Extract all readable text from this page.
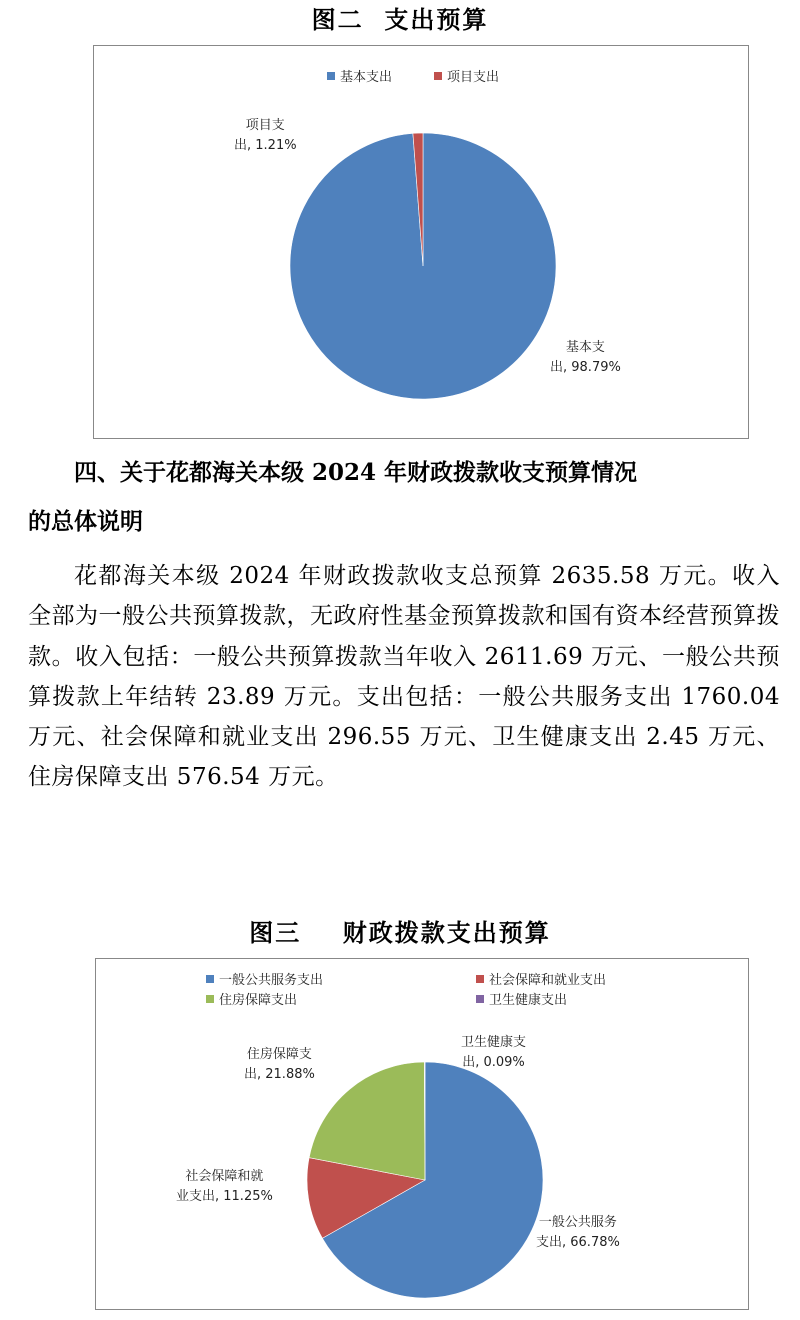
图二  支出预算
基本支出	项目支出
项目支
出, 1.21%
基本支
出, 98.79%
四、关于花都海关本级 2024 年财政拨款收支预算情况
的总体说明
花都海关本级 2024 年财政拨款收支总预算 2635.58 万元。收入全部为一般公共预算拨款，无政府性基金预算拨款和国有资本经营预算拨款。收入包括：一般公共预算拨款当年收入 2611.69 万元、一般公共预算拨款上年结转 23.89 万元。支出包括：一般公共服务支出 1760.04 万元、社会保障和就业支出 296.55 万元、卫生健康支出 2.45 万元、住房保障支出 576.54 万元。
图三    财政拨款支出预算
一般公共服务支出	社会保障和就业支出
住房保障支出	卫生健康支出
住房保障支
出, 21.88%
卫生健康支
出, 0.09%
社会保障和就
业支出, 11.25%
一般公共服务
支出, 66.78%
